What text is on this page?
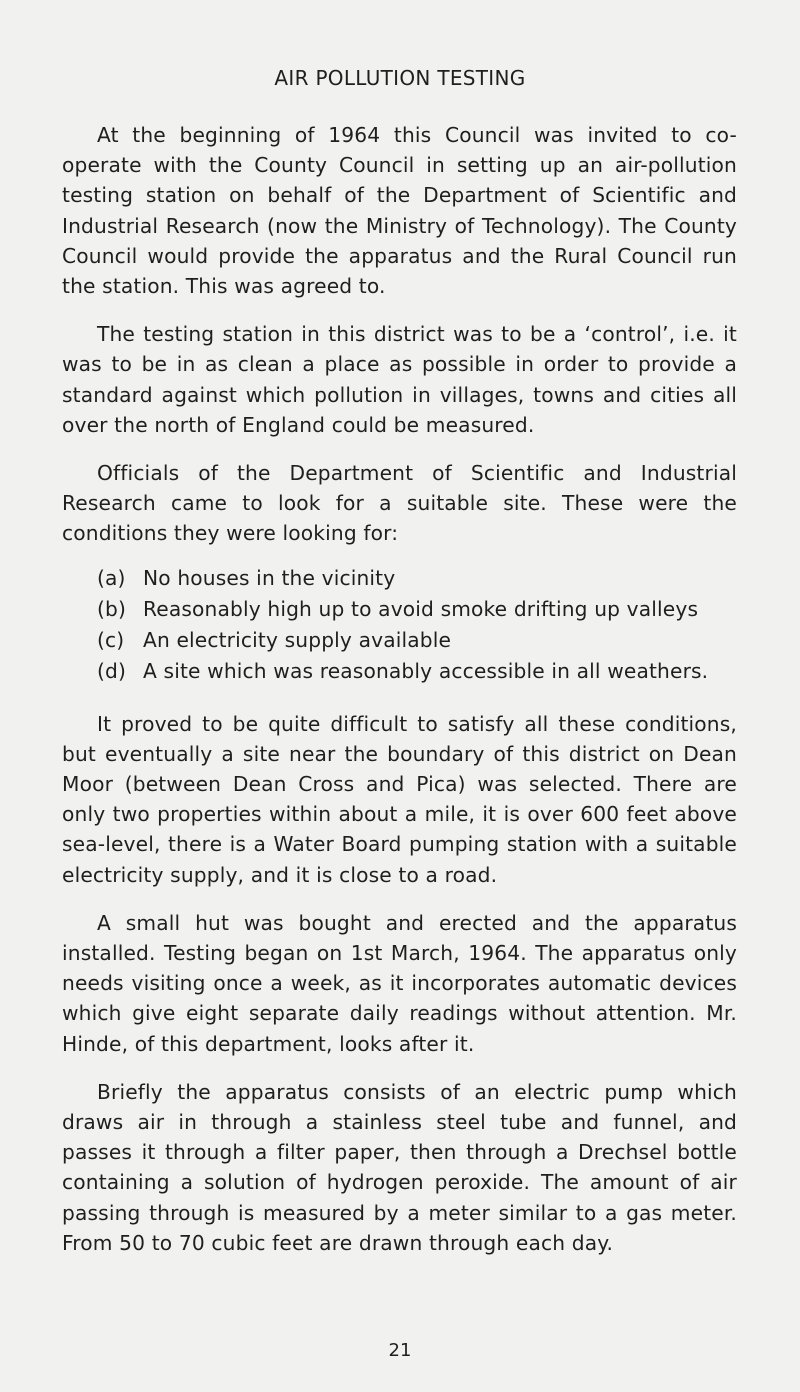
AIR POLLUTION TESTING

At the beginning of 1964 this Council was invited to co-operate with the County Council in setting up an air-pollution testing station on behalf of the Department of Scientific and Industrial Research (now the Ministry of Technology). The County Council would provide the apparatus and the Rural Council run the station. This was agreed to.

The testing station in this district was to be a ‘control’, i.e. it was to be in as clean a place as possible in order to provide a standard against which pollution in villages, towns and cities all over the north of England could be measured.

Officials of the Department of Scientific and Industrial Research came to look for a suitable site. These were the conditions they were looking for:

(a) No houses in the vicinity
(b) Reasonably high up to avoid smoke drifting up valleys
(c) An electricity supply available
(d) A site which was reasonably accessible in all weathers.

It proved to be quite difficult to satisfy all these conditions, but eventually a site near the boundary of this district on Dean Moor (between Dean Cross and Pica) was selected. There are only two properties within about a mile, it is over 600 feet above sea-level, there is a Water Board pumping station with a suitable electricity supply, and it is close to a road.

A small hut was bought and erected and the apparatus installed. Testing began on 1st March, 1964. The apparatus only needs visiting once a week, as it incorporates automatic devices which give eight separate daily readings without attention. Mr. Hinde, of this department, looks after it.

Briefly the apparatus consists of an electric pump which draws air in through a stainless steel tube and funnel, and passes it through a filter paper, then through a Drechsel bottle containing a solution of hydrogen peroxide. The amount of air passing through is measured by a meter similar to a gas meter. From 50 to 70 cubic feet are drawn through each day.

21
